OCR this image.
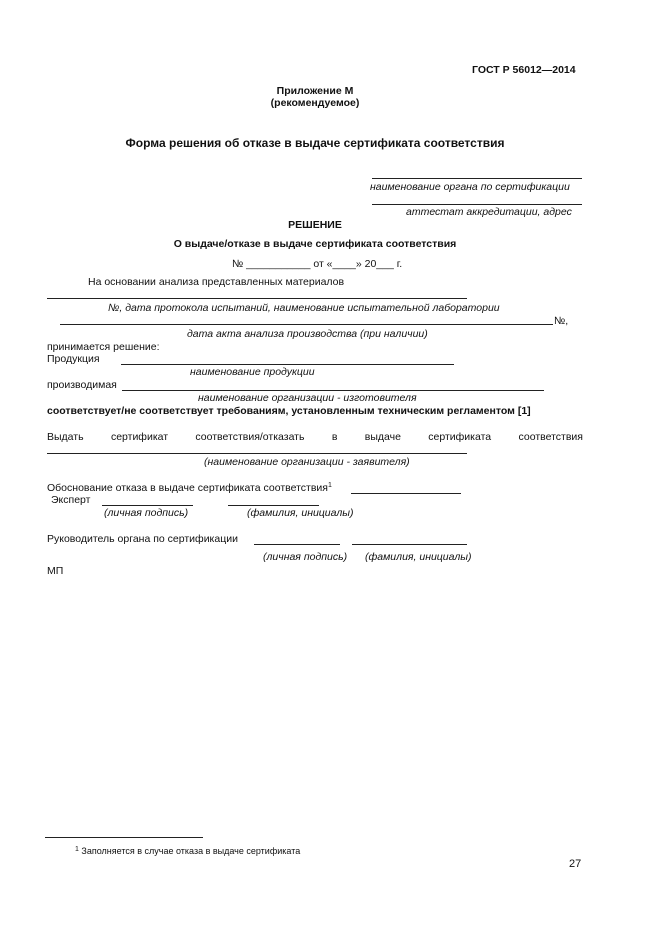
ГОСТ Р 56012—2014
Приложение М
(рекомендуемое)
Форма решения об отказе в выдаче сертификата соответствия
наименование органа по сертификации
аттестат аккредитации, адрес
РЕШЕНИЕ
О выдаче/отказе в выдаче сертификата соответствия
№ ___________ от «____» 20___ г.
На основании анализа представленных материалов
№, дата протокола испытаний, наименование испытательной лаборатории
№,
дата акта анализа производства (при наличии)
принимается решение:
Продукция
наименование продукции
производимая
наименование организации - изготовителя
соответствует/не соответствует требованиям, установленным техническим регламентом [1]
Выдать	сертификат	соответствия/отказать	в	выдаче	сертификата	соответствия
(наименование организации - заявителя)
Обоснование отказа в выдаче сертификата соответствия$^1$
Эксперт
(личная подпись)	(фамилия, инициалы)
Руководитель органа по сертификации
(личная подпись) (фамилия, инициалы)
МП
$^1$ Заполняется в случае отказа в выдаче сертификата
27
